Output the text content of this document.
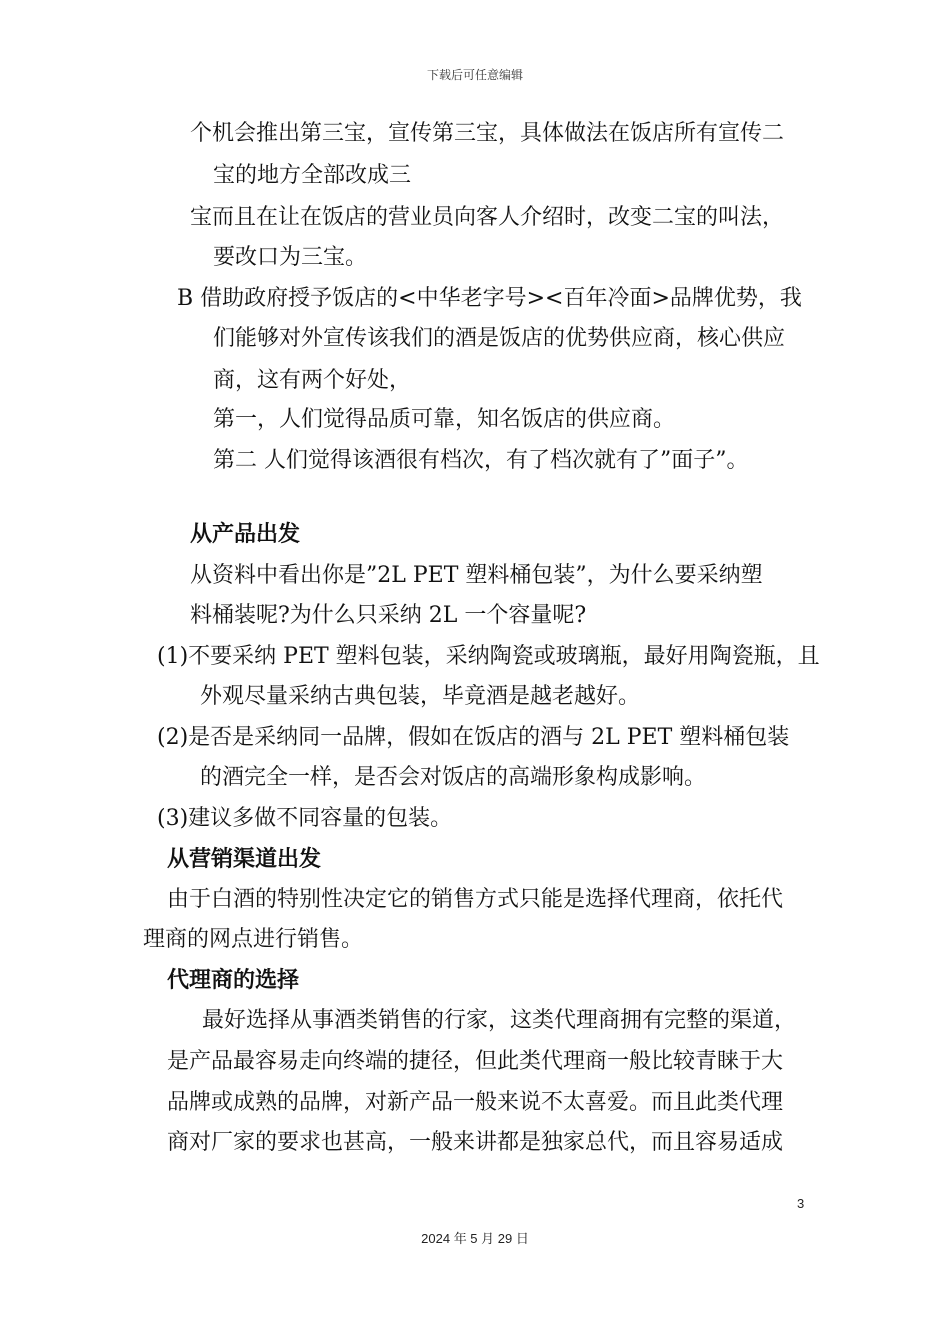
下载后可任意编辑
个机会推出第三宝，宣传第三宝，具体做法在饭店所有宣传二
宝的地方全部改成三
宝而且在让在饭店的营业员向客人介绍时，改变二宝的叫法，
要改口为三宝。
B 借助政府授予饭店的<中华老字号><百年冷面>品牌优势，我
们能够对外宣传该我们的酒是饭店的优势供应商，核心供应
商，这有两个好处，
第一，人们觉得品质可靠，知名饭店的供应商。
第二 人们觉得该酒很有档次，有了档次就有了”面子”。
从产品出发
从资料中看出你是”2L PET 塑料桶包装”，为什么要采纳塑
料桶装呢?为什么只采纳 2L 一个容量呢?
(1)不要采纳 PET 塑料包装，采纳陶瓷或玻璃瓶，最好用陶瓷瓶，且
外观尽量采纳古典包装，毕竟酒是越老越好。
(2)是否是采纳同一品牌，假如在饭店的酒与 2L PET 塑料桶包装
的酒完全一样，是否会对饭店的高端形象构成影响。
(3)建议多做不同容量的包装。
从营销渠道出发
由于白酒的特别性决定它的销售方式只能是选择代理商，依托代
理商的网点进行销售。
代理商的选择
最好选择从事酒类销售的行家，这类代理商拥有完整的渠道，
是产品最容易走向终端的捷径，但此类代理商一般比较青睐于大
品牌或成熟的品牌，对新产品一般来说不太喜爱。而且此类代理
商对厂家的要求也甚高，一般来讲都是独家总代，而且容易适成
3
2024 年 5 月 29 日
